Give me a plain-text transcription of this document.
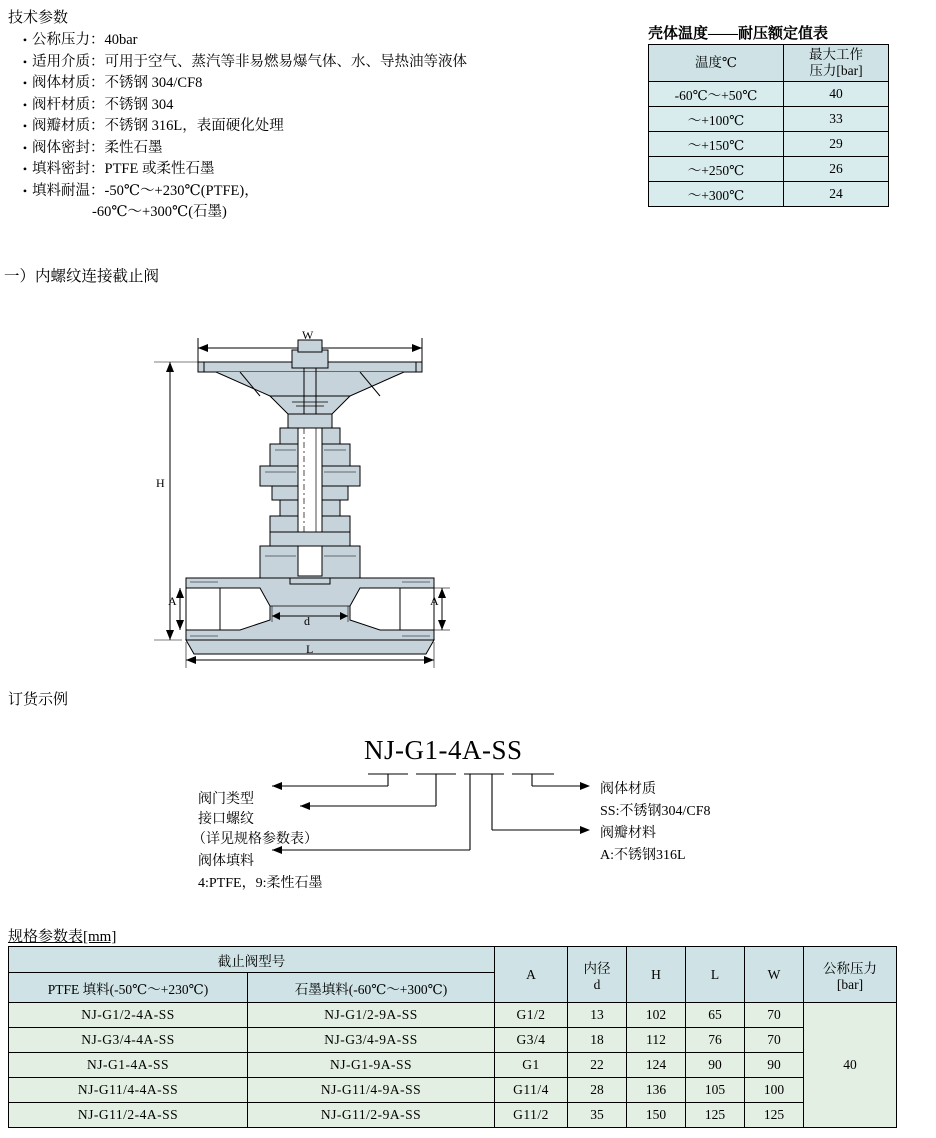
技术参数
• 公称压力： 40bar
• 适用介质： 可用于空气、蒸汽等非易燃易爆气体、水、导热油等液体
• 阀体材质： 不锈钢 304/CF8
• 阀杆材质： 不锈钢 304
• 阀瓣材质： 不锈钢 316L，表面硬化处理
• 阀体密封： 柔性石墨
• 填料密封： PTFE 或柔性石墨
• 填料耐温： -50℃～+230℃(PTFE)，
-60℃～+300℃(石墨)
壳体温度——耐压额定值表
温度℃	最大工作
压力[bar]

-60℃～+50℃	40
～+100℃	33
～+150℃	29
～+250℃	26
～+300℃	24
一）内螺纹连接截止阀
W
H
A	A
d
L
订货示例
NJ-G1-4A-SS
阀门类型
接口螺纹
（详见规格参数表）
阀体填料
4:PTFE，9:柔性石墨
阀体材质
SS:不锈钢304/CF8
阀瓣材料
A:不锈钢316L
规格参数表[mm]
截止阀型号	A	内径
d
	H	L	W	公称压力
[bar]

PTFE 填料(-50℃～+230℃)	石墨填料(-60℃～+300℃)						
NJ-G1/2-4A-SS	NJ-G1/2-9A-SS	G1/2	13	102	65	70	40
NJ-G3/4-4A-SS	NJ-G3/4-9A-SS	G3/4	18	112	76	70	
NJ-G1-4A-SS	NJ-G1-9A-SS	G1	22	124	90	90	
NJ-G11/4-4A-SS	NJ-G11/4-9A-SS	G11/4	28	136	105	100	
NJ-G11/2-4A-SS	NJ-G11/2-9A-SS	G11/2	35	150	125	125	
